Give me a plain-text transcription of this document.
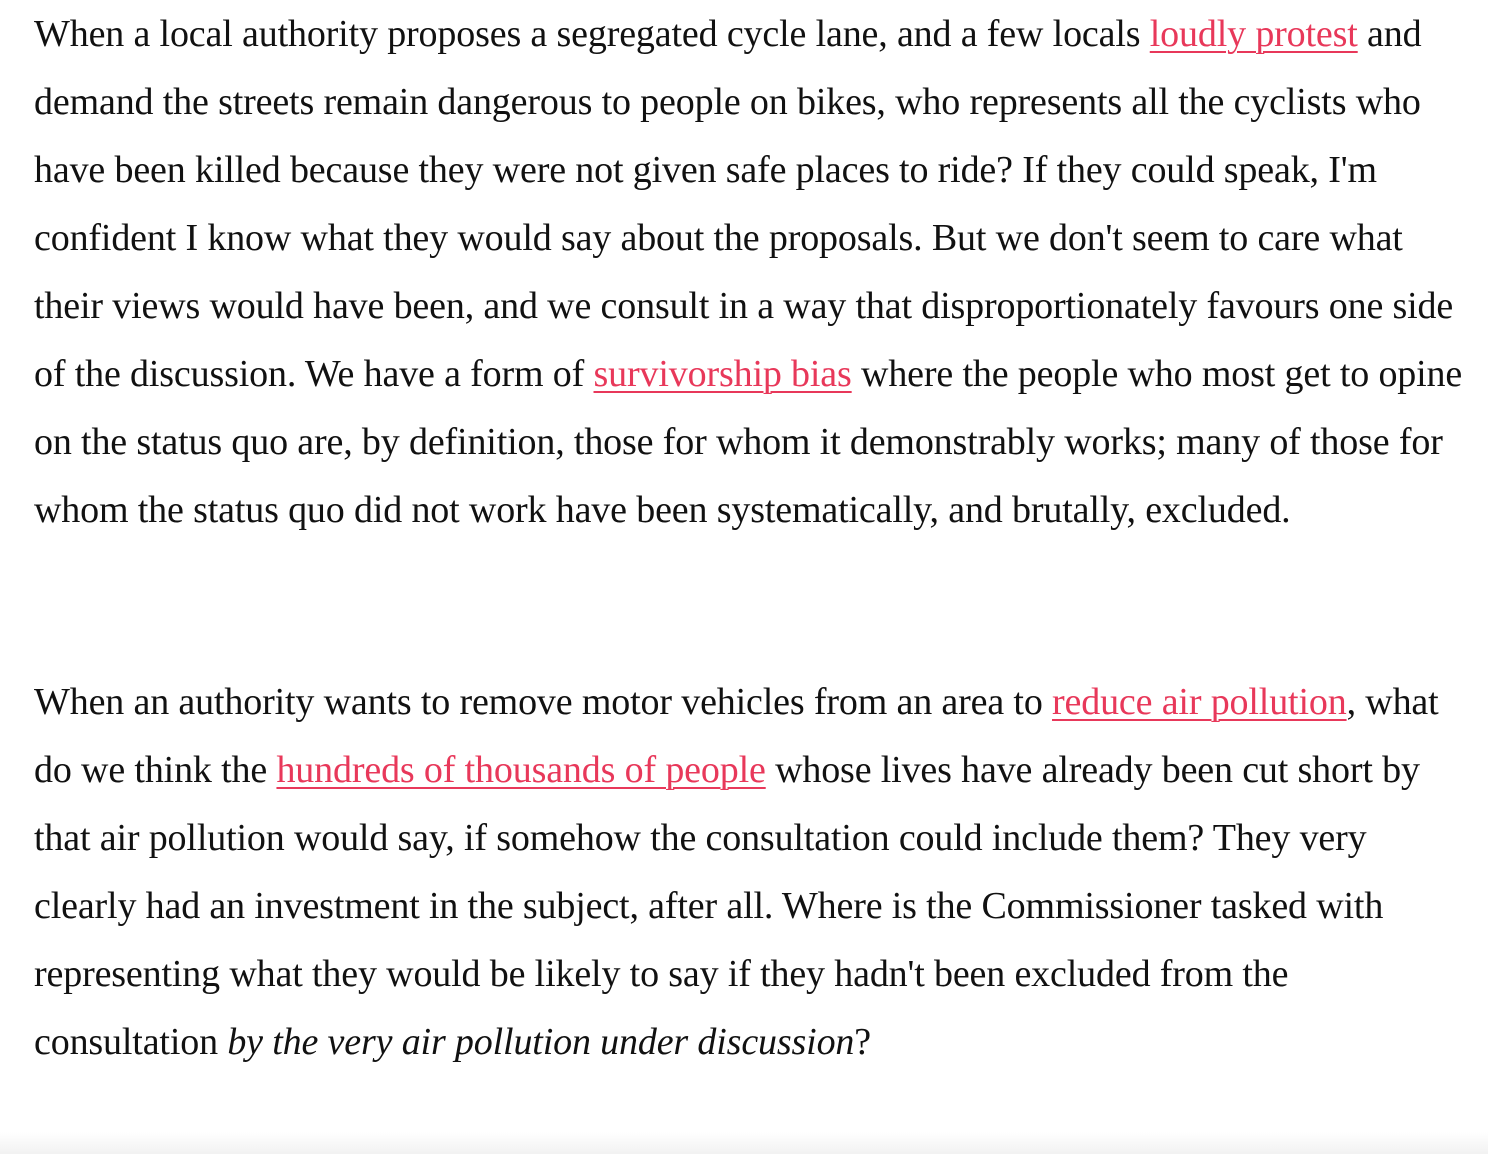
When a local authority proposes a segregated cycle lane, and a few locals loudly protest and demand the streets remain dangerous to people on bikes, who represents all the cyclists who have been killed because they were not given safe places to ride? If they could speak, I'm confident I know what they would say about the proposals. But we don't seem to care what their views would have been, and we consult in a way that disproportionately favours one side of the discussion. We have a form of survivorship bias where the people who most get to opine on the status quo are, by definition, those for whom it demonstrably works; many of those for whom the status quo did not work have been systematically, and brutally, excluded.

When an authority wants to remove motor vehicles from an area to reduce air pollution, what do we think the hundreds of thousands of people whose lives have already been cut short by that air pollution would say, if somehow the consultation could include them? They very clearly had an investment in the subject, after all. Where is the Commissioner tasked with representing what they would be likely to say if they hadn't been excluded from the consultation by the very air pollution under discussion?
